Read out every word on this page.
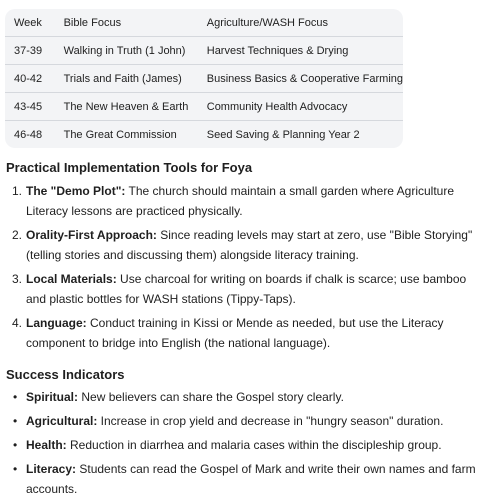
Week	Bible Focus	Agriculture/WASH Focus
37-39	Walking in Truth (1 John)	Harvest Techniques & Drying
40-42	Trials and Faith (James)	Business Basics & Cooperative Farming
43-45	The New Heaven & Earth	Community Health Advocacy
46-48	The Great Commission	Seed Saving & Planning Year 2
Practical Implementation Tools for Foya
1. The "Demo Plot": The church should maintain a small garden where Agriculture Literacy lessons are practiced physically.
2. Orality-First Approach: Since reading levels may start at zero, use "Bible Storying" (telling stories and discussing them) alongside literacy training.
3. Local Materials: Use charcoal for writing on boards if chalk is scarce; use bamboo and plastic bottles for WASH stations (Tippy-Taps).
4. Language: Conduct training in Kissi or Mende as needed, but use the Literacy component to bridge into English (the national language).
Success Indicators
• Spiritual: New believers can share the Gospel story clearly.
• Agricultural: Increase in crop yield and decrease in "hungry season" duration.
• Health: Reduction in diarrhea and malaria cases within the discipleship group.
• Literacy: Students can read the Gospel of Mark and write their own names and farm accounts.
